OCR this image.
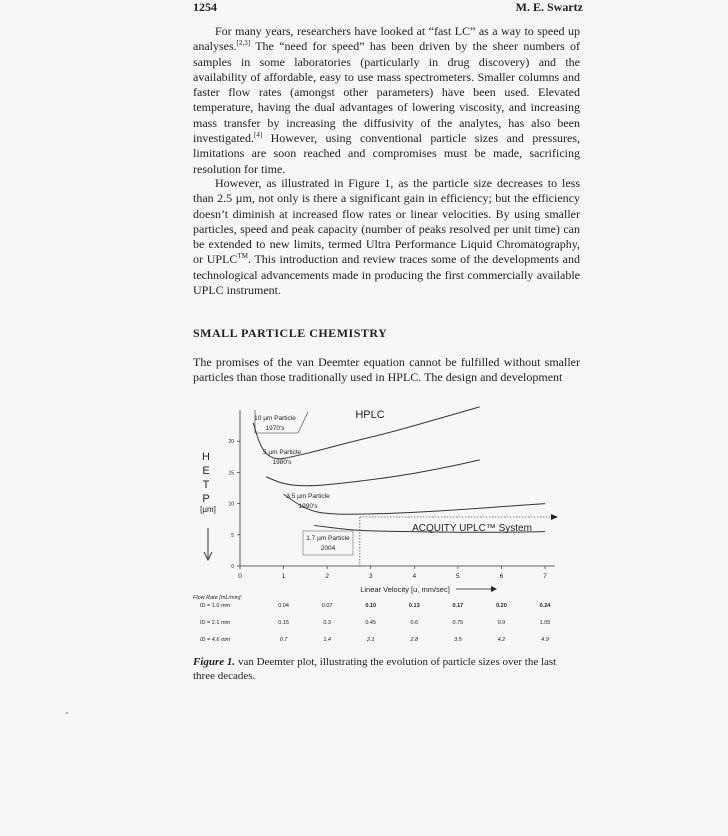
1254	M. E. Swartz

For many years, researchers have looked at “fast LC” as a way to speed up analyses.[2,3] The “need for speed” has been driven by the sheer numbers of samples in some laboratories (particularly in drug discovery) and the availability of affordable, easy to use mass spectrometers. Smaller columns and faster flow rates (amongst other parameters) have been used. Elevated temperature, having the dual advantages of lowering viscosity, and increasing mass transfer by increasing the diffusivity of the analytes, has also been investigated.[4] However, using conventional particle sizes and pressures, limitations are soon reached and compromises must be made, sacrificing resolution for time.

However, as illustrated in Figure 1, as the particle size decreases to less than 2.5 µm, not only is there a significant gain in efficiency; but the efficiency doesn’t diminish at increased flow rates or linear velocities. By using smaller particles, speed and peak capacity (number of peaks resolved per unit time) can be extended to new limits, termed Ultra Performance Liquid Chromatography, or UPLC™. This introduction and review traces some of the developments and technological advancements made in producing the first commercially available UPLC instrument.

SMALL PARTICLE CHEMISTRY

The promises of the van Deemter equation cannot be fulfilled without smaller particles than those traditionally used in HPLC. The design and development

0
5
10
15
20
0	1	2	3	4	5	6	7
H
E
T
P
[µm]
Linear Velocity [u, mm/sec]
10 µm Particle
1970's
5 µm Particle
1980's
3.5 µm Particle
1990's
1.7 µm Particle
2004
HPLC
ACQUITY UPLC™ System
Flow Rate [mL/min]:
ID = 1.0 mm	0.04	0.07	0.10	0.13	0.17	0.20	0.24
ID = 2.1 mm	0.15	0.3	0.45	0.6	0.75	0.9	1.05
ID = 4.6 mm	0.7	1.4	2.1	2.8	3.5	4.2	4.9
Figure 1. van Deemter plot, illustrating the evolution of particle sizes over the last three decades.
